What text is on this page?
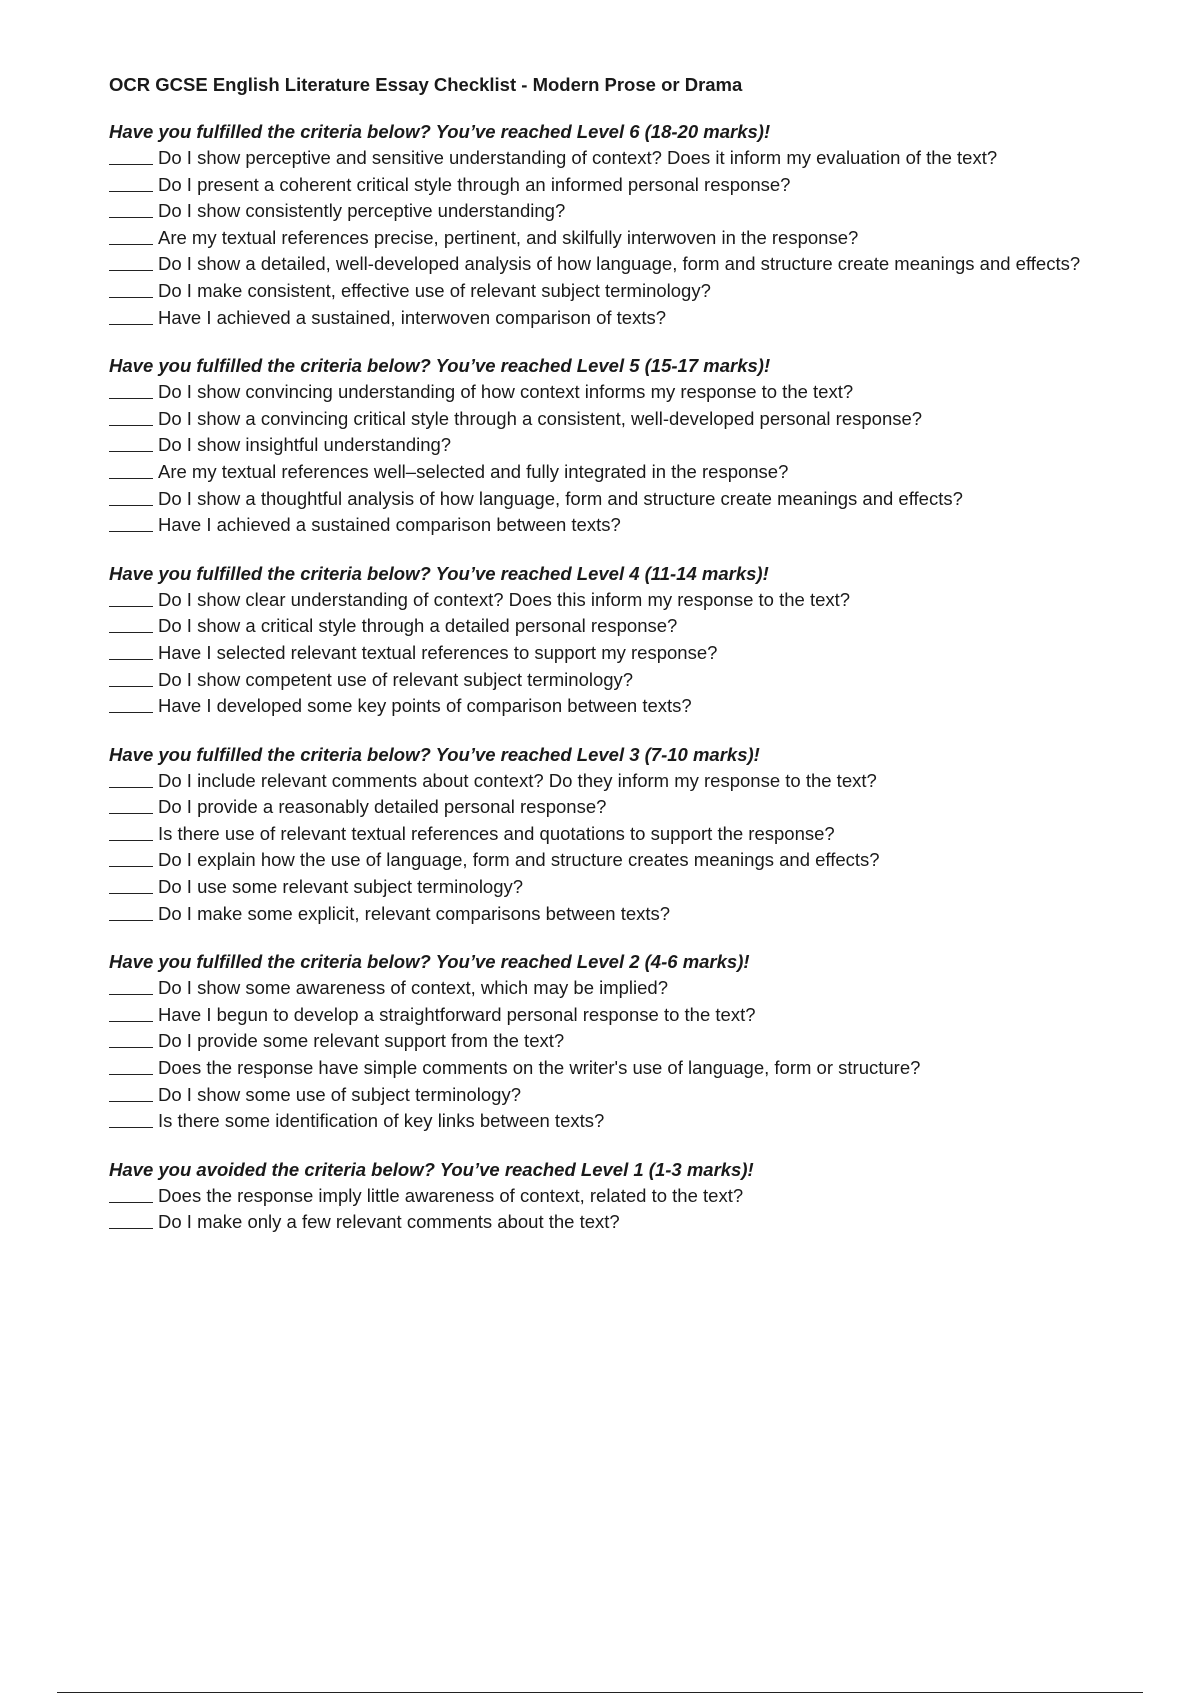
OCR GCSE English Literature Essay Checklist - Modern Prose or Drama
Have you fulfilled the criteria below? You’ve reached Level 6 (18-20 marks)!
Do I show perceptive and sensitive understanding of context? Does it inform my evaluation of the text?
Do I present a coherent critical style through an informed personal response?
Do I show consistently perceptive understanding?
Are my textual references precise, pertinent, and skilfully interwoven in the response?
Do I show a detailed, well-developed analysis of how language, form and structure create meanings and effects?
Do I make consistent, effective use of relevant subject terminology?
Have I achieved a sustained, interwoven comparison of texts?
Have you fulfilled the criteria below? You’ve reached Level 5 (15-17 marks)!
Do I show convincing understanding of how context informs my response to the text?
Do I show a convincing critical style through a consistent, well-developed personal response?
Do I show insightful understanding?
Are my textual references well–selected and fully integrated in the response?
Do I show a thoughtful analysis of how language, form and structure create meanings and effects?
Have I achieved a sustained comparison between texts?
Have you fulfilled the criteria below? You’ve reached Level 4 (11-14 marks)!
Do I show clear understanding of context? Does this inform my response to the text?
Do I show a critical style through a detailed personal response?
Have I selected relevant textual references to support my response?
Do I show competent use of relevant subject terminology?
Have I developed some key points of comparison between texts?
Have you fulfilled the criteria below? You’ve reached Level 3 (7-10 marks)!
Do I include relevant comments about context? Do they inform my response to the text?
Do I provide a reasonably detailed personal response?
Is there use of relevant textual references and quotations to support the response?
Do I explain how the use of language, form and structure creates meanings and effects?
Do I use some relevant subject terminology?
Do I make some explicit, relevant comparisons between texts?
Have you fulfilled the criteria below? You’ve reached Level 2 (4-6 marks)!
Do I show some awareness of context, which may be implied?
Have I begun to develop a straightforward personal response to the text?
Do I provide some relevant support from the text?
Does the response have simple comments on the writer's use of language, form or structure?
Do I show some use of subject terminology?
Is there some identification of key links between texts?
Have you avoided the criteria below? You’ve reached Level 1 (1-3 marks)!
Does the response imply little awareness of context, related to the text?
Do I make only a few relevant comments about the text?
